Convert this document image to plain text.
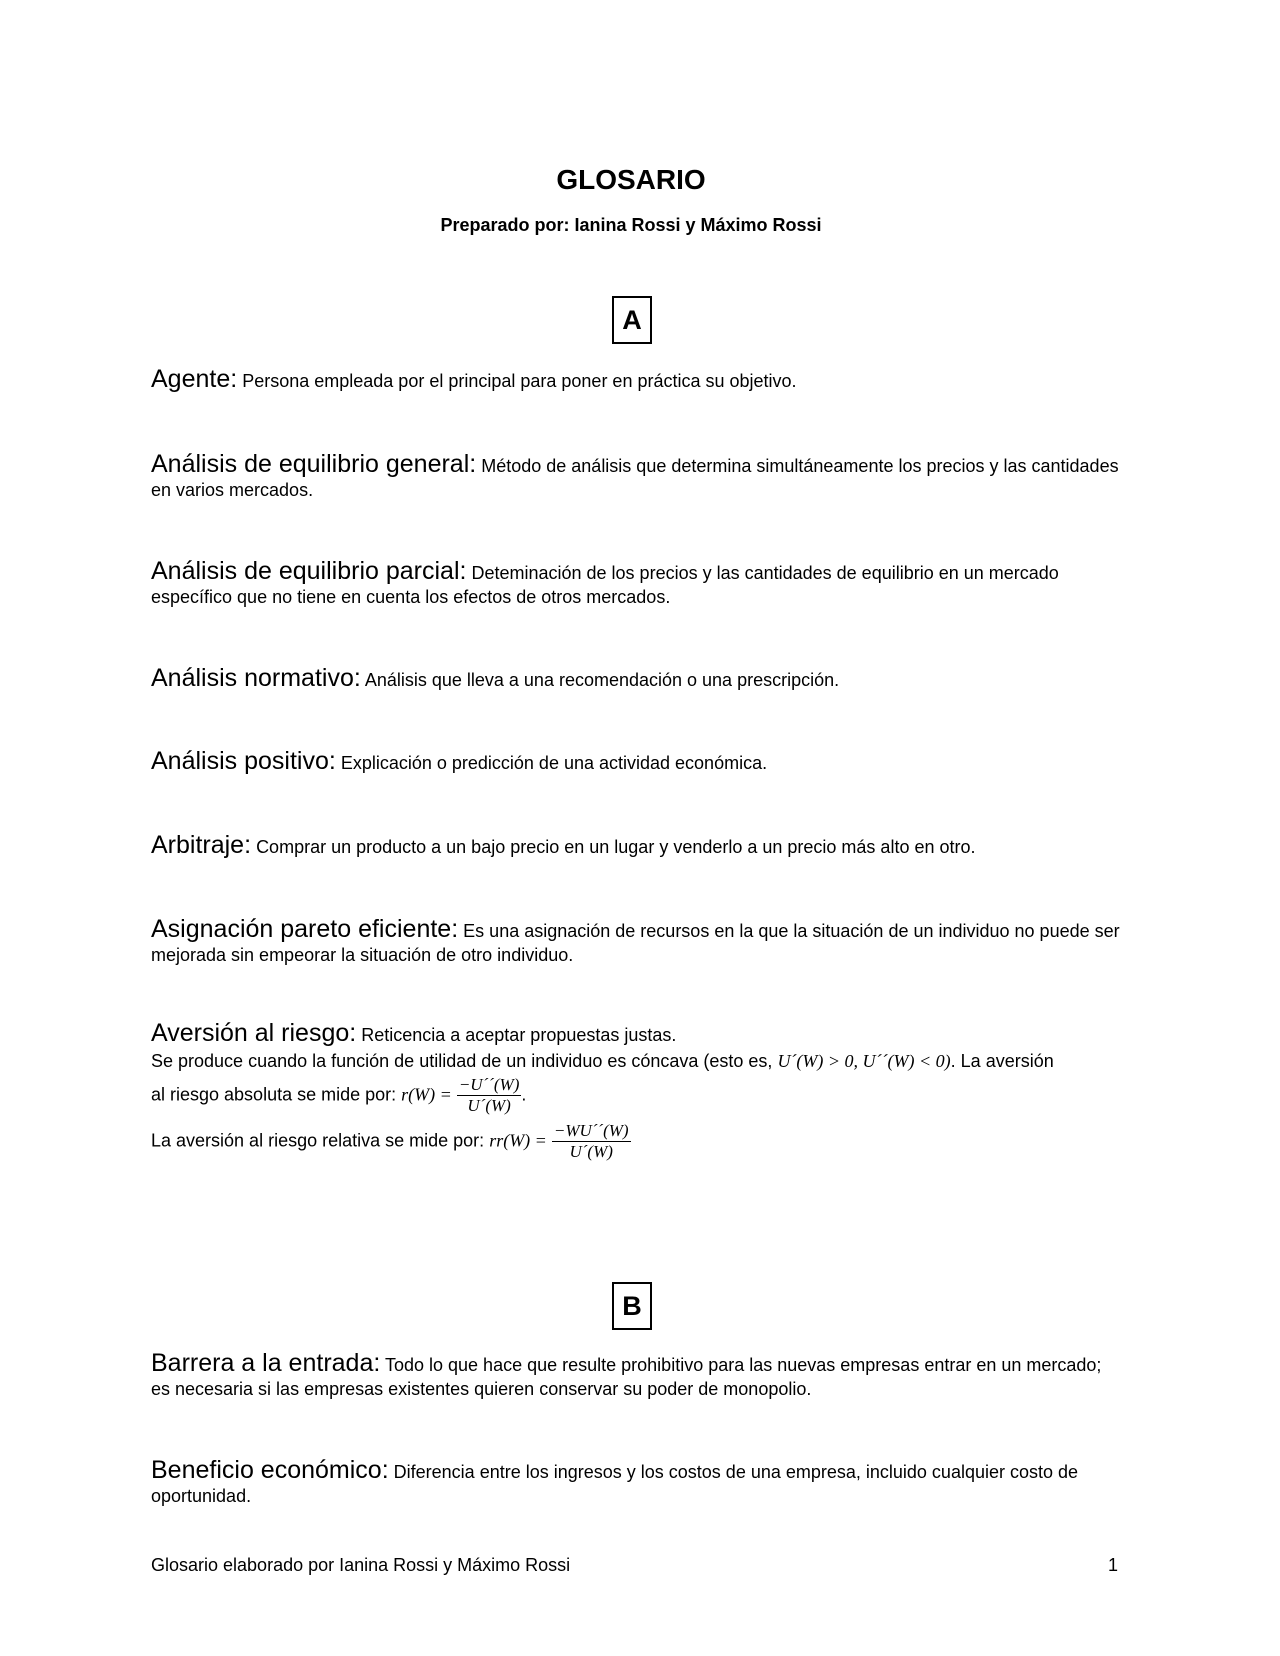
GLOSARIO

Preparado por: Ianina Rossi y Máximo Rossi

A

Agente: Persona empleada por el principal para poner en práctica su objetivo.

Análisis de equilibrio general: Método de análisis que determina simultáneamente los precios y las cantidades en varios mercados.

Análisis de equilibrio parcial: Deteminación de los precios y las cantidades de equilibrio en un mercado específico que no tiene en cuenta los efectos de otros mercados.

Análisis normativo: Análisis que lleva a una recomendación o una prescripción.

Análisis positivo: Explicación o predicción de una actividad económica.

Arbitraje: Comprar un producto a un bajo precio en un lugar y venderlo a un precio más alto en otro.

Asignación pareto eficiente: Es una asignación de recursos en la que la situación de un individuo no puede ser mejorada sin empeorar la situación de otro individuo.

Aversión al riesgo: Reticencia a aceptar propuestas justas.
Se produce cuando la función de utilidad de un individuo es cóncava (esto es, U´(W) > 0, U´´(W) < 0). La aversión
al riesgo absoluta se mide por: $r(W) = \frac{-U´´(W)}{U´(W)}$ .
La aversión al riesgo relativa se mide por: $rr(W) = \frac{-WU´´(W)}{U´(W)}$
B

Barrera a la entrada: Todo lo que hace que resulte prohibitivo para las nuevas empresas entrar en un mercado; es necesaria si las empresas existentes quieren conservar su poder de monopolio.

Beneficio económico: Diferencia entre los ingresos y los costos de una empresa, incluido cualquier costo de oportunidad.

Glosario elaborado por Ianina Rossi y Máximo Rossi	1
